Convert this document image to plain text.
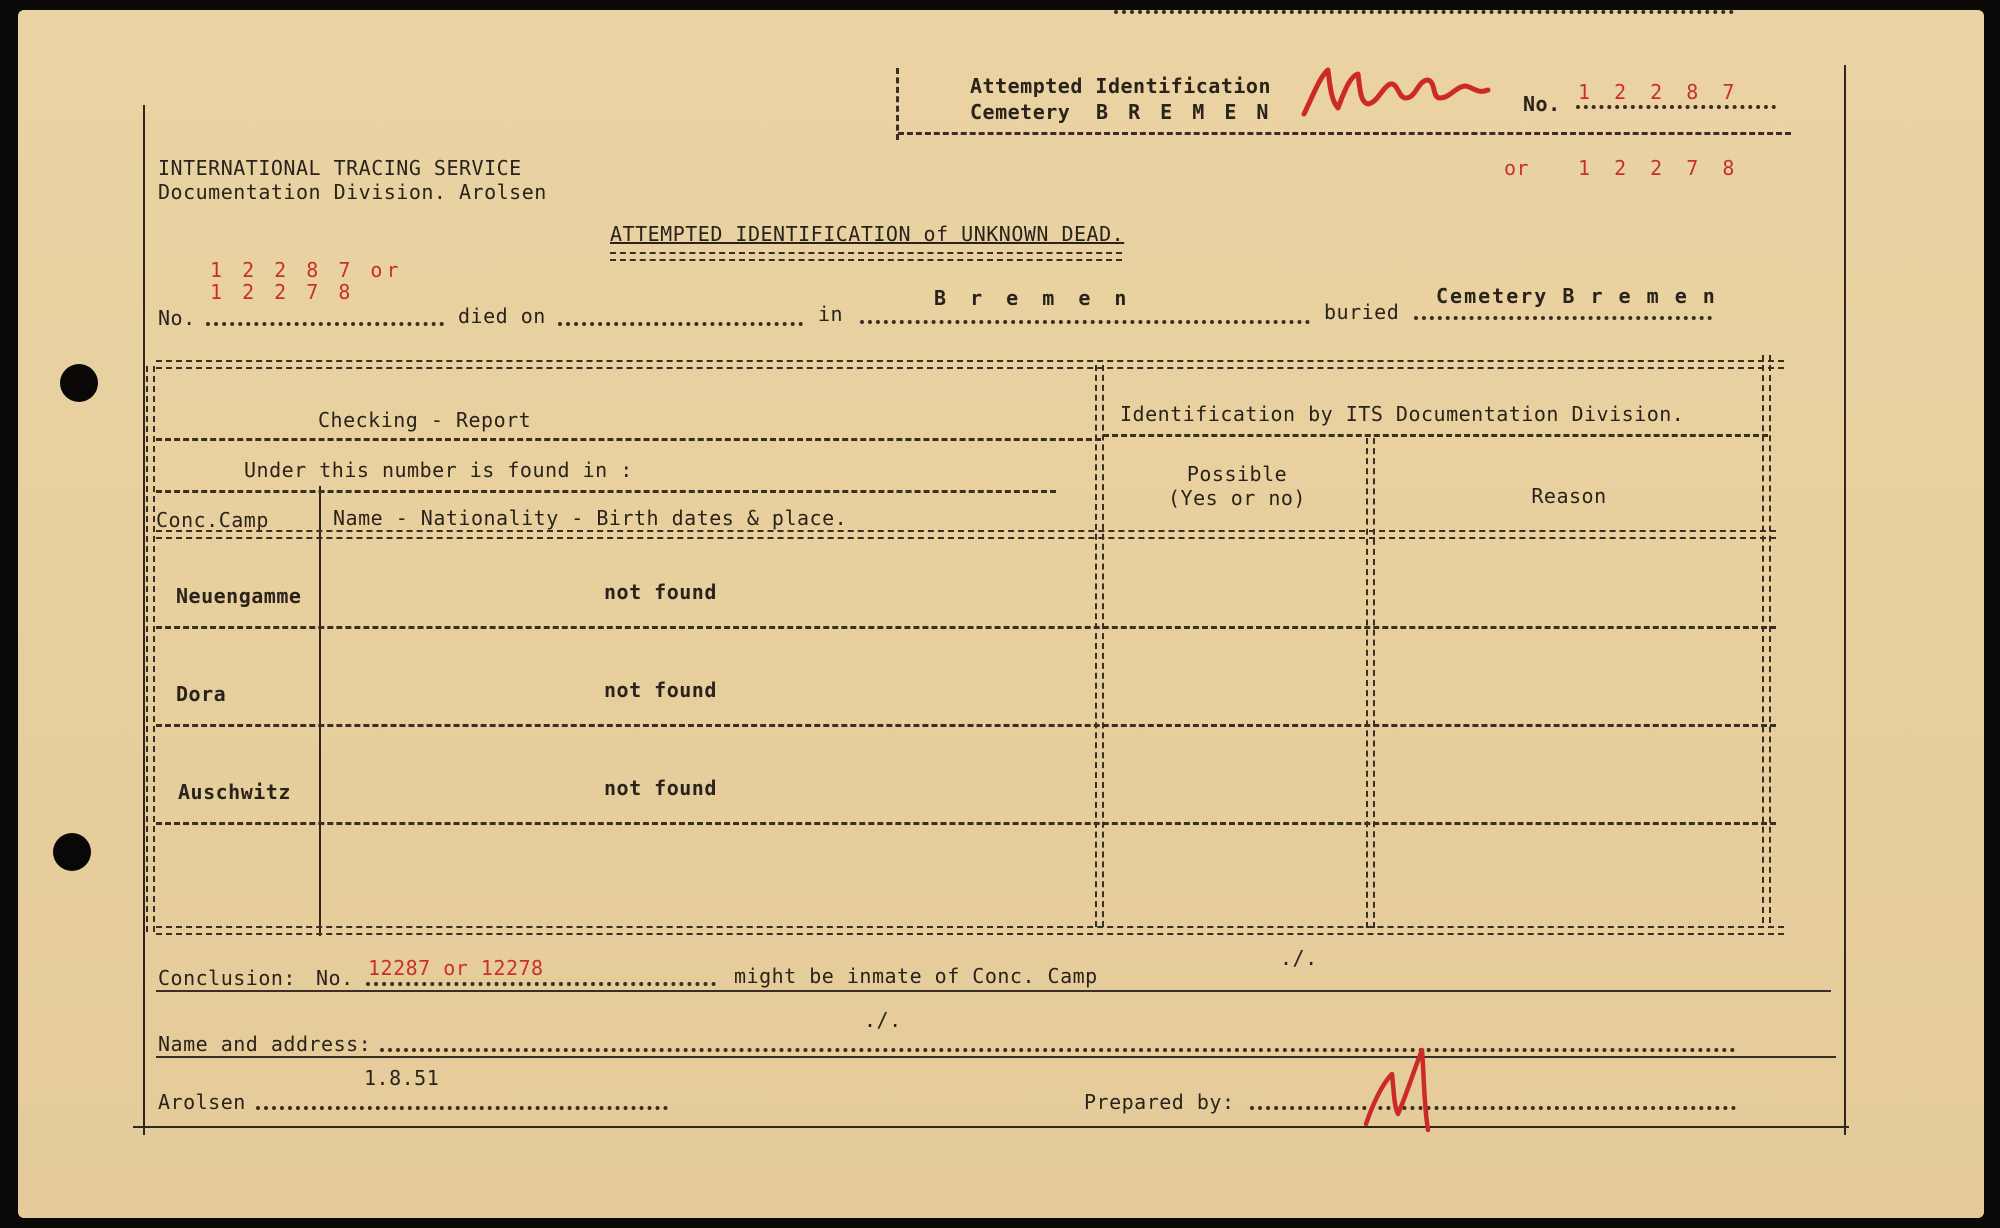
Attempted Identification
Cemetery B R E M E N	No. 1 2 2 8 7
or 1 2 2 7 8
INTERNATIONAL TRACING SERVICE
Documentation Division. Arolsen
ATTEMPTED IDENTIFICATION of UNKNOWN DEAD.
1 2 2 8 7 or
1 2 2 7 8
No.	died on	in
B r e m e n
buried
Cemetery B r e m e n
Checking - Report	Identification by ITS Documentation Division.
Under this number is found in :
Conc.Camp	Name - Nationality - Birth dates & place.
Possible
(Yes or no)	Reason
Neuengamme	not found
Dora	not found
Auschwitz	not found
Conclusion: No. 12287 or 12278	might be inmate of Conc. Camp
./.
./.
Name and address:
1.8.51
Arolsen	Prepared by:
